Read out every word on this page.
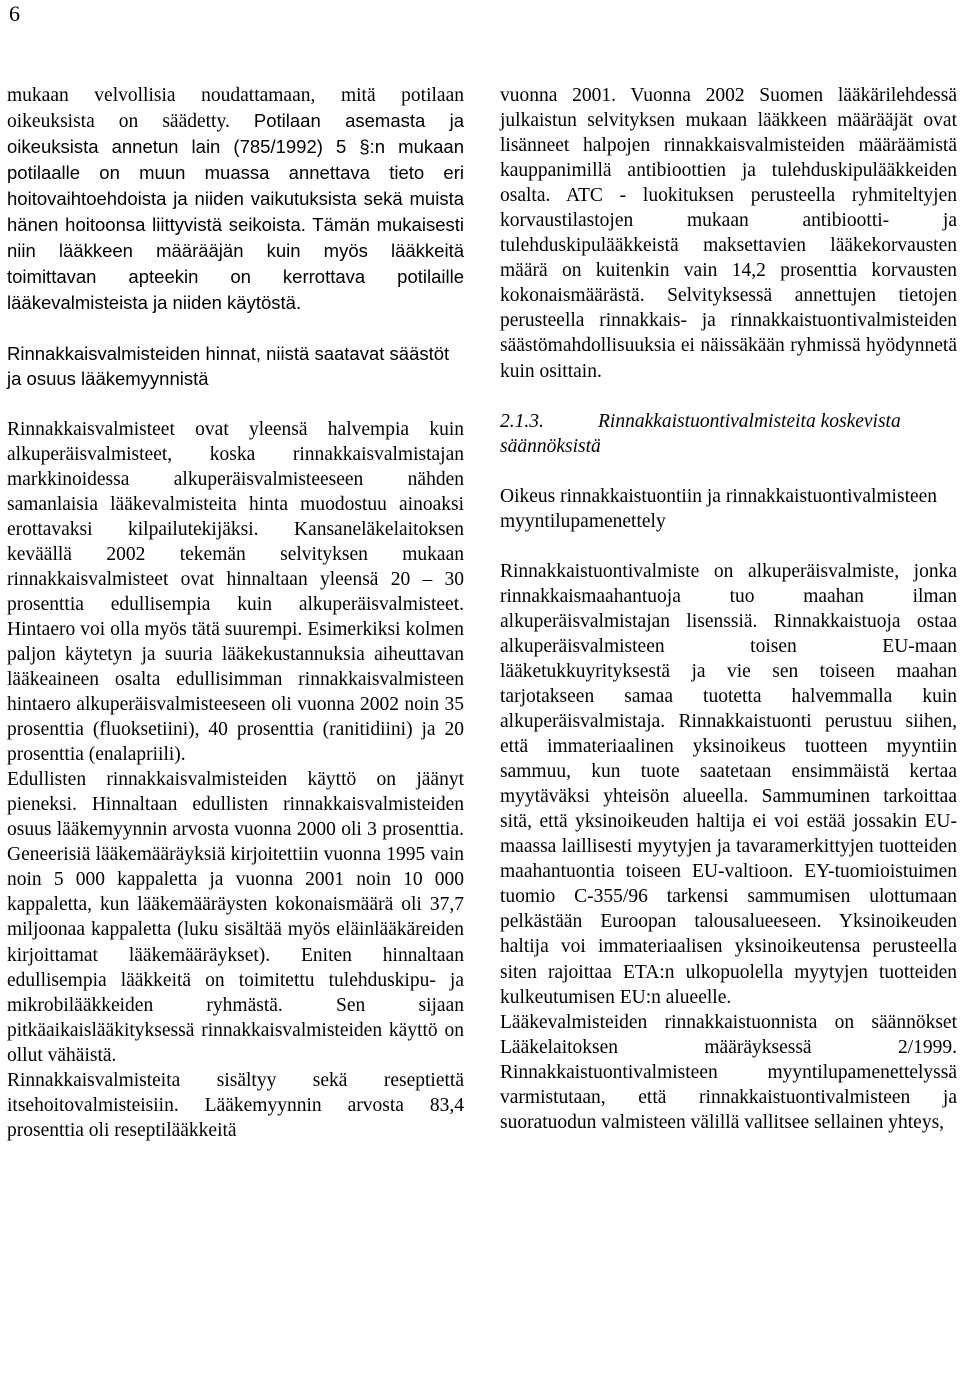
6

mukaan velvollisia noudattamaan, mitä potilaan oikeuksista on säädetty. Potilaan asemasta ja oikeuksista annetun lain (785/1992) 5 §:n mukaan potilaalle on muun muassa annettava tieto eri hoitovaihtoehdoista ja niiden vaikutuksista sekä muista hänen hoitoonsa liittyvistä seikoista. Tämän mukaisesti niin lääkkeen määrääjän kuin myös lääkkeitä toimittavan apteekin on kerrottava potilaille lääkevalmisteista ja niiden käytöstä.

Rinnakkaisvalmisteiden hinnat, niistä saatavat säästöt ja osuus lääkemyynnistä

Rinnakkaisvalmisteet ovat yleensä halvempia kuin alkuperäisvalmisteet, koska rinnakkaisvalmistajan markkinoidessa alkuperäisvalmisteeseen nähden samanlaisia lääkevalmisteita hinta muodostuu ainoaksi erottavaksi kilpailutekijäksi. Kansaneläkelaitoksen keväällä 2002 tekemän selvityksen mukaan rinnakkaisvalmisteet ovat hinnaltaan yleensä 20 – 30 prosenttia edullisempia kuin alkuperäisvalmisteet. Hintaero voi olla myös tätä suurempi. Esimerkiksi kolmen paljon käytetyn ja suuria lääkekustannuksia aiheuttavan lääkeaineen osalta edullisimman rinnakkaisvalmisteen hintaero alkuperäisvalmisteeseen oli vuonna 2002 noin 35 prosenttia (fluoksetiini), 40 prosenttia (ranitidiini) ja 20 prosenttia (enalapriili).

Edullisten rinnakkaisvalmisteiden käyttö on jäänyt pieneksi. Hinnaltaan edullisten rinnakkaisvalmisteiden osuus lääkemyynnin arvosta vuonna 2000 oli 3 prosenttia. Geneerisiä lääkemääräyksiä kirjoitettiin vuonna 1995 vain noin 5 000 kappaletta ja vuonna 2001 noin 10 000 kappaletta, kun lääkemääräysten kokonaismäärä oli 37,7 miljoonaa kappaletta (luku sisältää myös eläinlääkäreiden kirjoittamat lääkemääräykset). Eniten hinnaltaan edullisempia lääkkeitä on toimitettu tulehduskipu- ja mikrobilääkkeiden ryhmästä. Sen sijaan pitkäaikaislääkityksessä rinnakkaisvalmisteiden käyttö on ollut vähäistä.

Rinnakkaisvalmisteita sisältyy sekä reseptiettä itsehoitovalmisteisiin. Lääkemyynnin arvosta 83,4 prosenttia oli reseptilääkkeitä

vuonna 2001. Vuonna 2002 Suomen lääkärilehdessä julkaistun selvityksen mukaan lääkkeen määrääjät ovat lisänneet halpojen rinnakkaisvalmisteiden määräämistä kauppanimillä antibioottien ja tulehduskipulääkkeiden osalta. ATC - luokituksen perusteella ryhmiteltyjen korvaustilastojen mukaan antibiootti- ja tulehduskipulääkkeistä maksettavien lääkekorvausten määrä on kuitenkin vain 14,2 prosenttia korvausten kokonaismäärästä. Selvityksessä annettujen tietojen perusteella rinnakkais- ja rinnakkaistuontivalmisteiden säästömahdollisuuksia ei näissäkään ryhmissä hyödynnetä kuin osittain.

2.1.3.	Rinnakkaistuontivalmisteita koskevista säännöksistä
Oikeus rinnakkaistuontiin ja rinnakkaistuontivalmisteen myyntilupamenettely

Rinnakkaistuontivalmiste on alkuperäisvalmiste, jonka rinnakkaismaahantuoja tuo maahan ilman alkuperäisvalmistajan lisenssiä. Rinnakkaistuoja ostaa alkuperäisvalmisteen toisen EU-maan lääketukkuyrityksestä ja vie sen toiseen maahan tarjotakseen samaa tuotetta halvemmalla kuin alkuperäisvalmistaja. Rinnakkaistuonti perustuu siihen, että immateriaalinen yksinoikeus tuotteen myyntiin sammuu, kun tuote saatetaan ensimmäistä kertaa myytäväksi yhteisön alueella. Sammuminen tarkoittaa sitä, että yksinoikeuden haltija ei voi estää jossakin EU-maassa laillisesti myytyjen ja tavaramerkittyjen tuotteiden maahantuontia toiseen EU-valtioon. EY-tuomioistuimen tuomio C-355/96 tarkensi sammumisen ulottumaan pelkästään Euroopan talousalueeseen. Yksinoikeuden haltija voi immateriaalisen yksinoikeutensa perusteella siten rajoittaa ETA:n ulkopuolella myytyjen tuotteiden kulkeutumisen EU:n alueelle.

Lääkevalmisteiden rinnakkaistuonnista on säännökset Lääkelaitoksen määräyksessä 2/1999. Rinnakkaistuontivalmisteen myyntilupamenettelyssä varmistutaan, että rinnakkaistuontivalmisteen ja suoratuodun valmisteen välillä vallitsee sellainen yhteys,
